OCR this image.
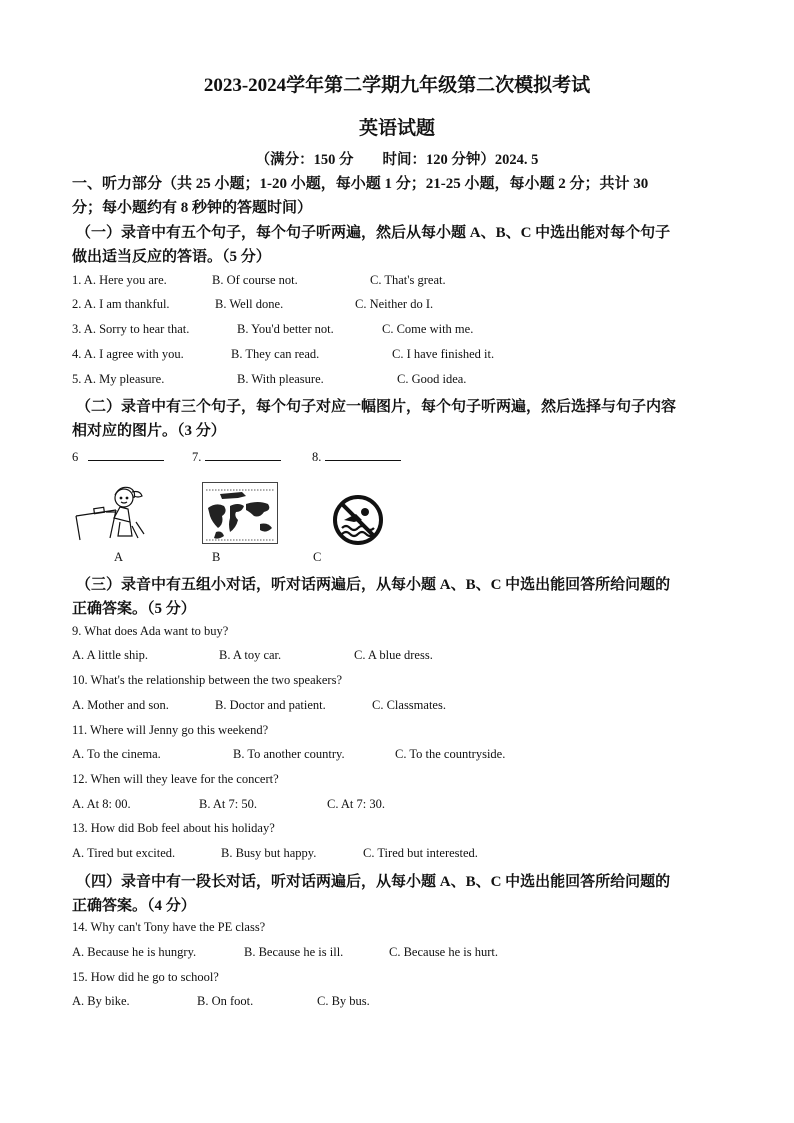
2023-2024学年第二学期九年级第二次模拟考试
英语试题
（满分：150 分　　时间：120 分钟）2024. 5
一、听力部分（共 25 小题；1-20 小题，每小题 1 分；21-25 小题，每小题 2 分；共计 30
分；每小题约有 8 秒钟的答题时间）
（一）录音中有五个句子，每个句子听两遍，然后从每小题 A、B、C 中选出能对每个句子
做出适当反应的答语。（5 分）
1. A. Here you are.	B. Of course not.	C. That's great.
2. A. I am thankful.	B. Well done.	C. Neither do I.
3. A. Sorry to hear that.	B. You'd better not.	C. Come with me.
4. A. I agree with you.	B. They can read.	C. I have finished it.
5. A. My pleasure.	B. With pleasure.	C. Good idea.
（二）录音中有三个句子，每个句子对应一幅图片，每个句子听两遍，然后选择与句子内容
相对应的图片。（3 分）
6	7.	8.
A	B	C
（三）录音中有五组小对话，听对话两遍后，从每小题 A、B、C 中选出能回答所给问题的
正确答案。（5 分）
9. What does Ada want to buy?
A. A little ship.	B. A toy car.	C. A blue dress.
10. What's the relationship between the two speakers?
A. Mother and son.	B. Doctor and patient.	C. Classmates.
11. Where will Jenny go this weekend?
A. To the cinema.	B. To another country.	C. To the countryside.
12. When will they leave for the concert?
A. At 8: 00.	B. At 7: 50.	C. At 7: 30.
13. How did Bob feel about his holiday?
A. Tired but excited.	B. Busy but happy.	C. Tired but interested.
（四）录音中有一段长对话，听对话两遍后，从每小题 A、B、C 中选出能回答所给问题的
正确答案。（4 分）
14. Why can't Tony have the PE class?
A. Because he is hungry.	B. Because he is ill.	C. Because he is hurt.
15. How did he go to school?
A. By bike.	B. On foot.	C. By bus.
